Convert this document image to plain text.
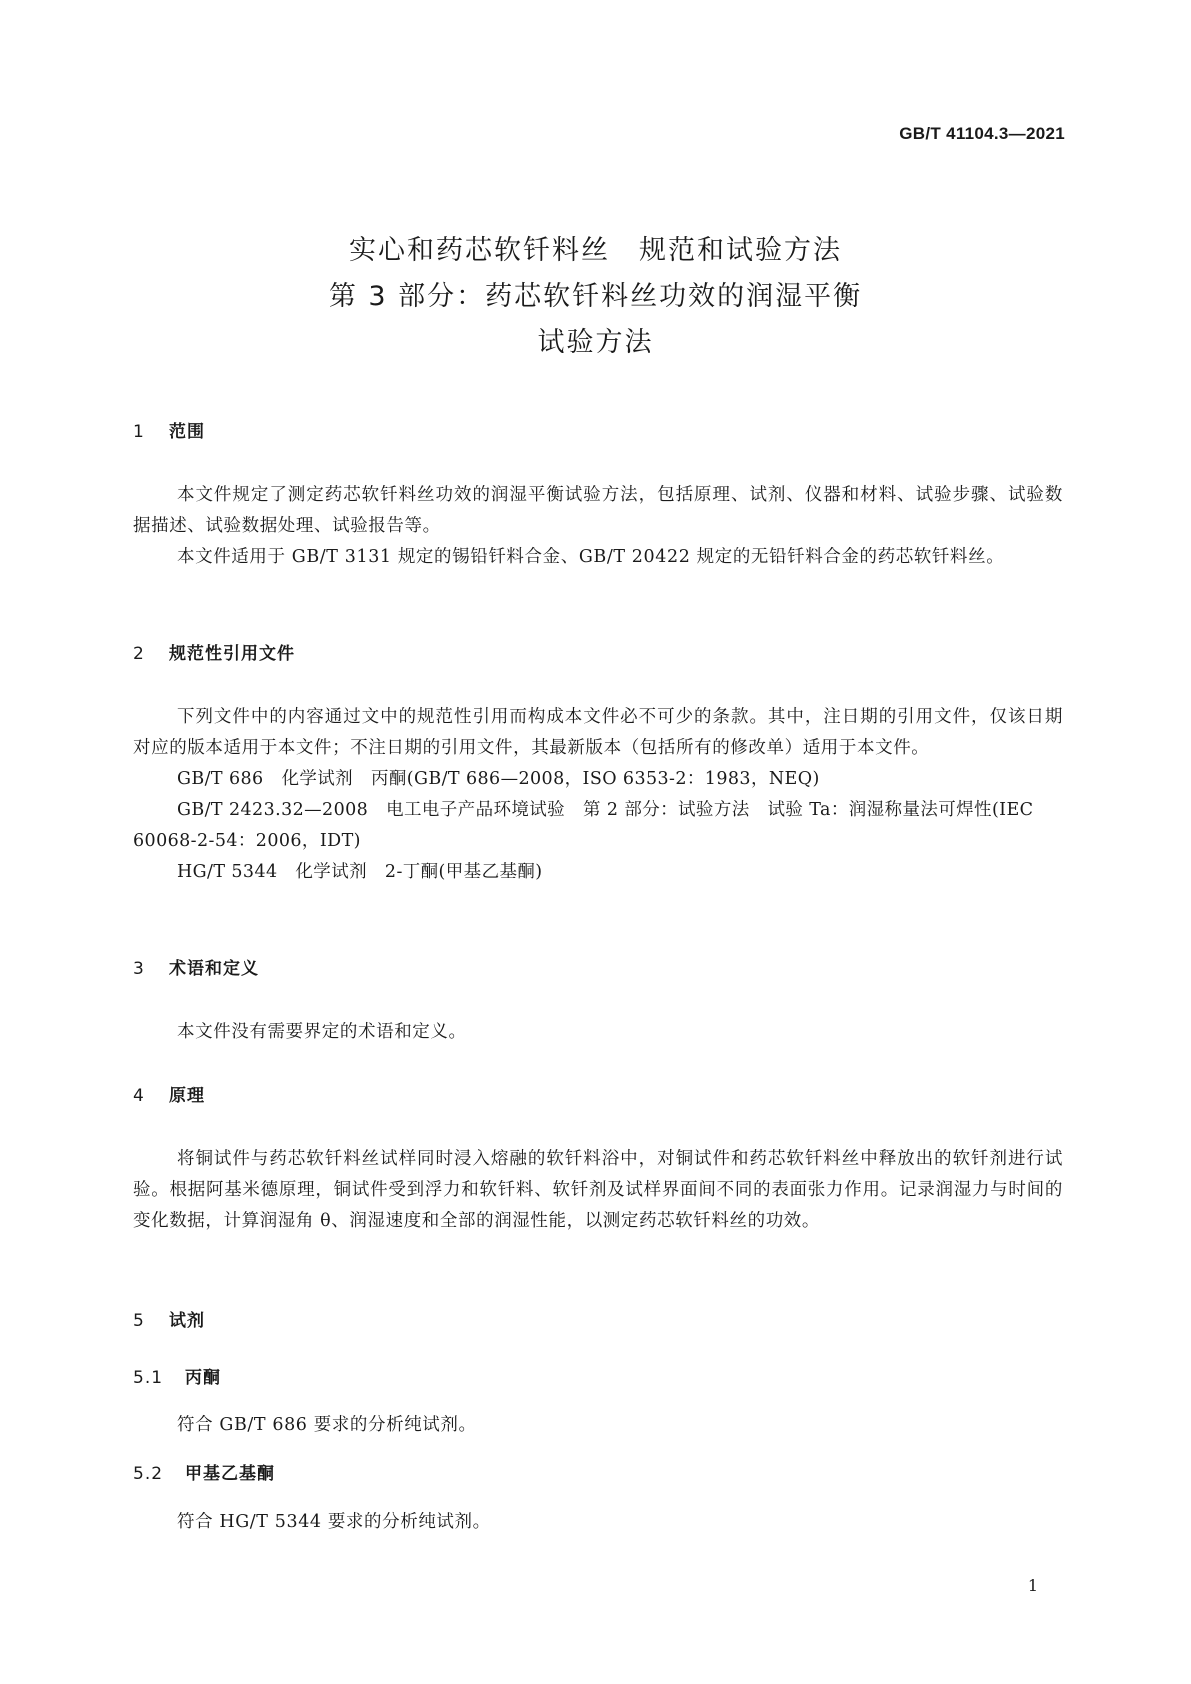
GB/T 41104.3—2021
实心和药芯软钎料丝　规范和试验方法
第 3 部分：药芯软钎料丝功效的润湿平衡
试验方法
1 范围

本文件规定了测定药芯软钎料丝功效的润湿平衡试验方法，包括原理、试剂、仪器和材料、试验步骤、试验数据描述、试验数据处理、试验报告等。

本文件适用于 GB/T 3131 规定的锡铅钎料合金、GB/T 20422 规定的无铅钎料合金的药芯软钎料丝。

2 规范性引用文件

下列文件中的内容通过文中的规范性引用而构成本文件必不可少的条款。其中，注日期的引用文件，仅该日期对应的版本适用于本文件；不注日期的引用文件，其最新版本（包括所有的修改单）适用于本文件。

GB/T 686　化学试剂　丙酮(GB/T 686—2008，ISO 6353-2：1983，NEQ)

GB/T 2423.32—2008　电工电子产品环境试验　第 2 部分：试验方法　试验 Ta：润湿称量法可焊性(IEC 60068-2-54：2006，IDT)

HG/T 5344　化学试剂　2-丁酮(甲基乙基酮)

3 术语和定义

本文件没有需要界定的术语和定义。

4 原理

将铜试件与药芯软钎料丝试样同时浸入熔融的软钎料浴中，对铜试件和药芯软钎料丝中释放出的软钎剂进行试验。根据阿基米德原理，铜试件受到浮力和软钎料、软钎剂及试样界面间不同的表面张力作用。记录润湿力与时间的变化数据，计算润湿角 θ、润湿速度和全部的润湿性能，以测定药芯软钎料丝的功效。

5 试剂
5.1 丙酮

符合 GB/T 686 要求的分析纯试剂。

5.2 甲基乙基酮

符合 HG/T 5344 要求的分析纯试剂。

1
